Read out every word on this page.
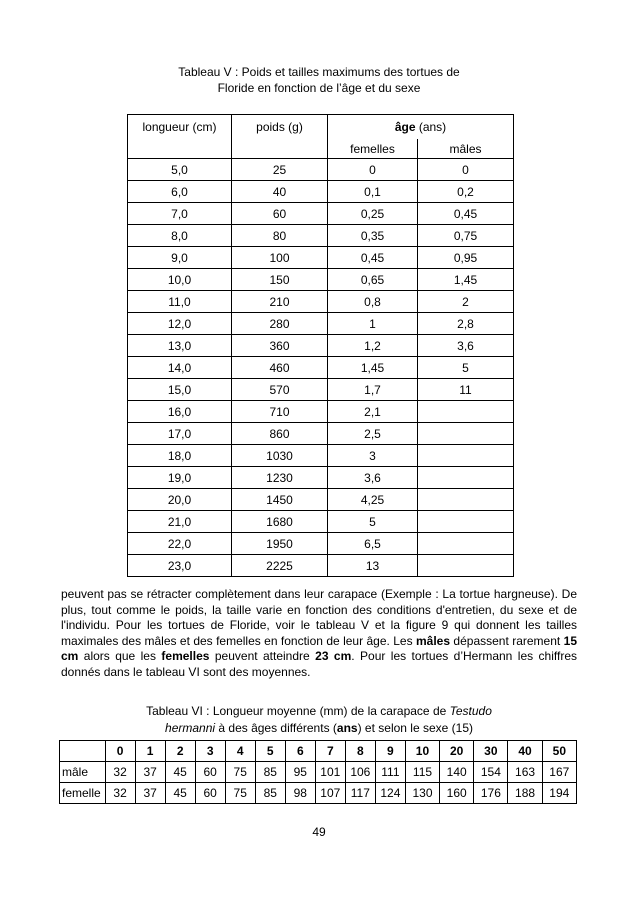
Tableau V : Poids et tailles maximums des tortues de
Floride en fonction de l’âge et du sexe
longueur (cm)	poids (g)	âge (ans)	
		femelles	mâles
5,0	25	0	0
6,0	40	0,1	0,2
7,0	60	0,25	0,45
8,0	80	0,35	0,75
9,0	100	0,45	0,95
10,0	150	0,65	1,45
11,0	210	0,8	2
12,0	280	1	2,8
13,0	360	1,2	3,6
14,0	460	1,45	5
15,0	570	1,7	11
16,0	710	2,1	
17,0	860	2,5	
18,0	1030	3	
19,0	1230	3,6	
20,0	1450	4,25	
21,0	1680	5	
22,0	1950	6,5	
23,0	2225	13	

peuvent pas se rétracter complètement dans leur carapace (Exemple : La tortue hargneuse). De plus, tout comme le poids, la taille varie en fonction des conditions d'entretien, du sexe et de l'individu. Pour les tortues de Floride, voir le tableau V et la figure 9 qui donnent les tailles maximales des mâles et des femelles en fonction de leur âge. Les mâles dépassent rarement 15 cm alors que les femelles peuvent atteindre 23 cm. Pour les tortues d’Hermann les chiffres donnés dans le tableau VI sont des moyennes.

Tableau VI : Longueur moyenne (mm) de la carapace de Testudo
hermanni à des âges différents (ans) et selon le sexe (15)
	0	1	2	3	4	5	6	7	8	9	10	20	30	40	50
mâle	32	37	45	60	75	85	95	101	106	111	115	140	154	163	167
femelle	32	37	45	60	75	85	98	107	117	124	130	160	176	188	194
49
